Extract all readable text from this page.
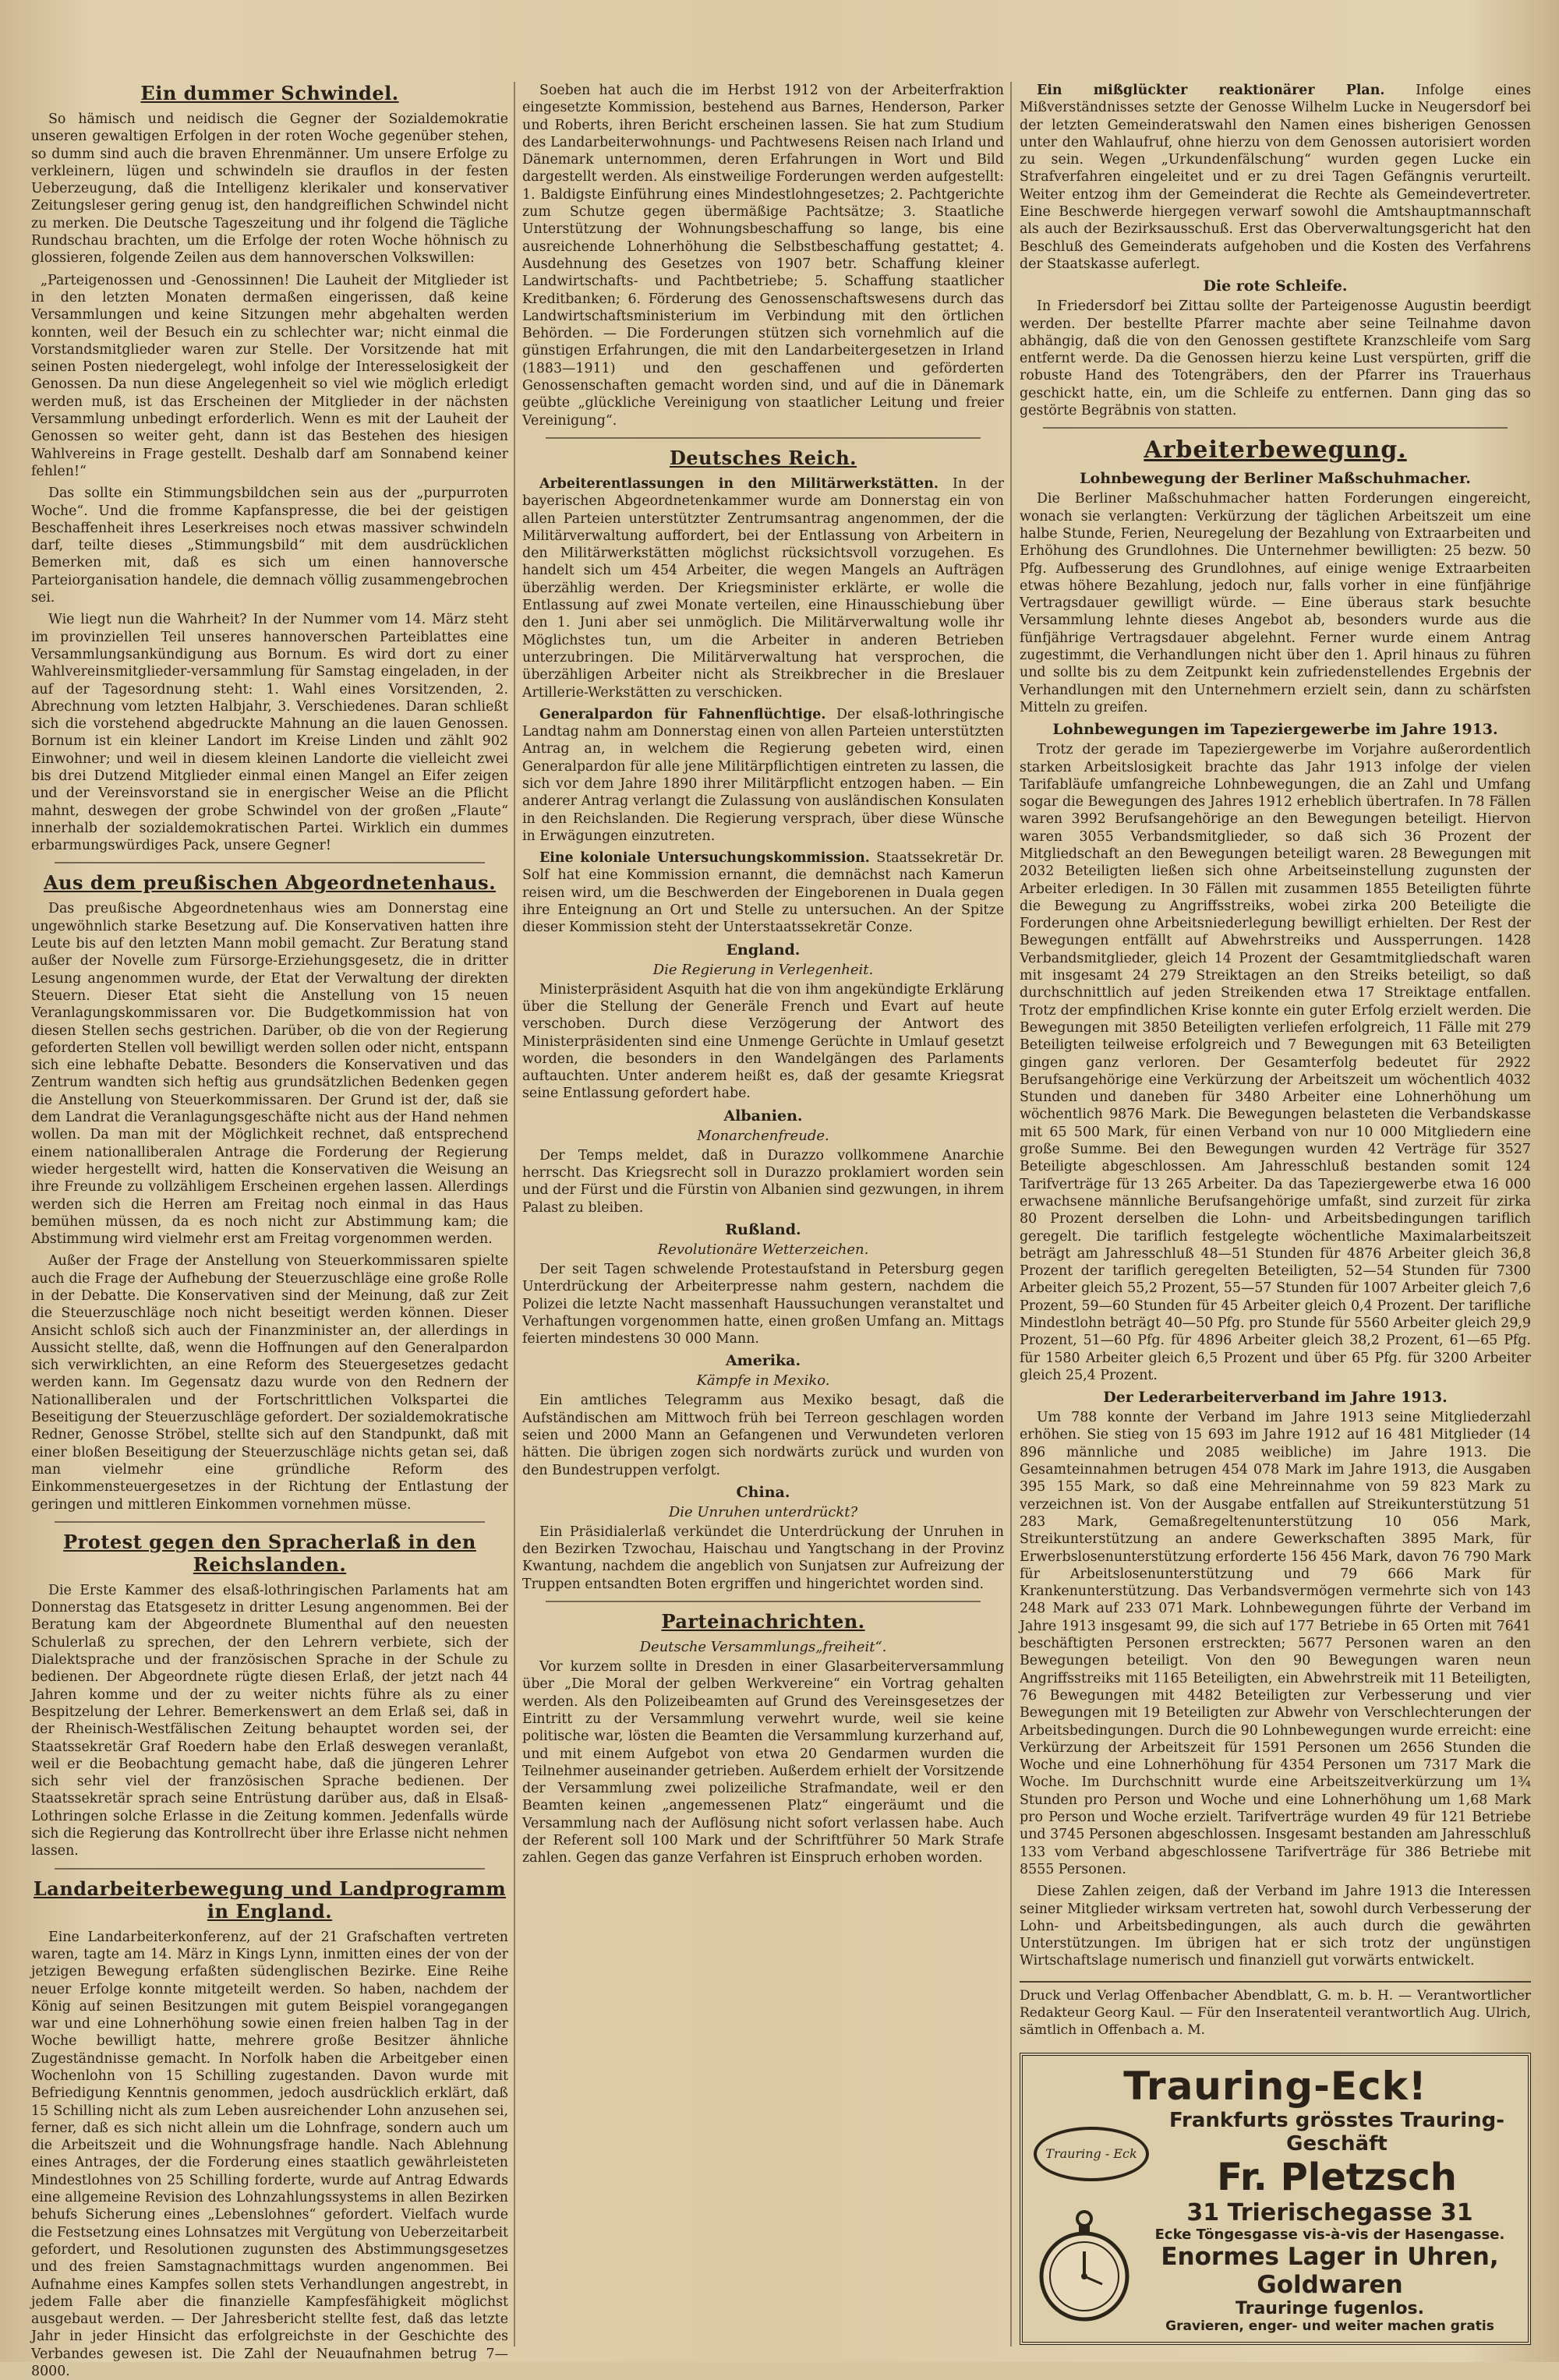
Ein dummer Schwindel.

So hämisch und neidisch die Gegner der Sozialdemokratie unseren gewaltigen Erfolgen in der roten Woche gegenüber stehen, so dumm sind auch die braven Ehrenmänner. Um unsere Erfolge zu verkleinern, lügen und schwindeln sie drauflos in der festen Ueberzeugung, daß die Intelligenz klerikaler und konservativer Zeitungsleser gering genug ist, den handgreiflichen Schwindel nicht zu merken. Die Deutsche Tageszeitung und ihr folgend die Tägliche Rundschau brachten, um die Erfolge der roten Woche höhnisch zu glossieren, folgende Zeilen aus dem hannoverschen Volkswillen:

„Parteigenossen und -Genossinnen! Die Lauheit der Mitglieder ist in den letzten Monaten dermaßen eingerissen, daß keine Versammlungen und keine Sitzungen mehr abgehalten werden konnten, weil der Besuch ein zu schlechter war; nicht einmal die Vorstandsmitglieder waren zur Stelle. Der Vorsitzende hat mit seinen Posten niedergelegt, wohl infolge der Interesselosigkeit der Genossen. Da nun diese Angelegenheit so viel wie möglich erledigt werden muß, ist das Erscheinen der Mitglieder in der nächsten Versammlung unbedingt erforderlich. Wenn es mit der Lauheit der Genossen so weiter geht, dann ist das Bestehen des hiesigen Wahlvereins in Frage gestellt. Deshalb darf am Sonnabend keiner fehlen!“

Das sollte ein Stimmungsbildchen sein aus der „purpurroten Woche“. Und die fromme Kapfanspresse, die bei der geistigen Beschaffenheit ihres Leserkreises noch etwas massiver schwindeln darf, teilte dieses „Stimmungsbild“ mit dem ausdrücklichen Bemerken mit, daß es sich um einen hannoversche Parteiorganisation handele, die demnach völlig zusammengebrochen sei.

Wie liegt nun die Wahrheit? In der Nummer vom 14. März steht im provinziellen Teil unseres hannoverschen Parteiblattes eine Versammlungsankündigung aus Bornum. Es wird dort zu einer Wahlvereinsmitglieder-versammlung für Samstag eingeladen, in der auf der Tagesordnung steht: 1. Wahl eines Vorsitzenden, 2. Abrechnung vom letzten Halbjahr, 3. Verschiedenes. Daran schließt sich die vorstehend abgedruckte Mahnung an die lauen Genossen. Bornum ist ein kleiner Landort im Kreise Linden und zählt 902 Einwohner; und weil in diesem kleinen Landorte die vielleicht zwei bis drei Dutzend Mitglieder einmal einen Mangel an Eifer zeigen und der Vereinsvorstand sie in energischer Weise an die Pflicht mahnt, deswegen der grobe Schwindel von der großen „Flaute“ innerhalb der sozialdemokratischen Partei. Wirklich ein dummes erbarmungswürdiges Pack, unsere Gegner!

Aus dem preußischen Abgeordnetenhaus.

Das preußische Abgeordnetenhaus wies am Donnerstag eine ungewöhnlich starke Besetzung auf. Die Konservativen hatten ihre Leute bis auf den letzten Mann mobil gemacht. Zur Beratung stand außer der Novelle zum Fürsorge-Erziehungsgesetz, die in dritter Lesung angenommen wurde, der Etat der Verwaltung der direkten Steuern. Dieser Etat sieht die Anstellung von 15 neuen Veranlagungskommissaren vor. Die Budgetkommission hat von diesen Stellen sechs gestrichen. Darüber, ob die von der Regierung geforderten Stellen voll bewilligt werden sollen oder nicht, entspann sich eine lebhafte Debatte. Besonders die Konservativen und das Zentrum wandten sich heftig aus grundsätzlichen Bedenken gegen die Anstellung von Steuerkommissaren. Der Grund ist der, daß sie dem Landrat die Veranlagungsgeschäfte nicht aus der Hand nehmen wollen. Da man mit der Möglichkeit rechnet, daß entsprechend einem nationalliberalen Antrage die Forderung der Regierung wieder hergestellt wird, hatten die Konservativen die Weisung an ihre Freunde zu vollzähligem Erscheinen ergehen lassen. Allerdings werden sich die Herren am Freitag noch einmal in das Haus bemühen müssen, da es noch nicht zur Abstimmung kam; die Abstimmung wird vielmehr erst am Freitag vorgenommen werden.

Außer der Frage der Anstellung von Steuerkommissaren spielte auch die Frage der Aufhebung der Steuerzuschläge eine große Rolle in der Debatte. Die Konservativen sind der Meinung, daß zur Zeit die Steuerzuschläge noch nicht beseitigt werden können. Dieser Ansicht schloß sich auch der Finanzminister an, der allerdings in Aussicht stellte, daß, wenn die Hoffnungen auf den Generalpardon sich verwirklichten, an eine Reform des Steuergesetzes gedacht werden kann. Im Gegensatz dazu wurde von den Rednern der Nationalliberalen und der Fortschrittlichen Volkspartei die Beseitigung der Steuerzuschläge gefordert. Der sozialdemokratische Redner, Genosse Ströbel, stellte sich auf den Standpunkt, daß mit einer bloßen Beseitigung der Steuerzuschläge nichts getan sei, daß man vielmehr eine gründliche Reform des Einkommensteuergesetzes in der Richtung der Entlastung der geringen und mittleren Einkommen vornehmen müsse.

Protest gegen den Spracherlaß in den Reichslanden.

Die Erste Kammer des elsaß-lothringischen Parlaments hat am Donnerstag das Etatsgesetz in dritter Lesung angenommen. Bei der Beratung kam der Abgeordnete Blumenthal auf den neuesten Schulerlaß zu sprechen, der den Lehrern verbiete, sich der Dialektsprache und der französischen Sprache in der Schule zu bedienen. Der Abgeordnete rügte diesen Erlaß, der jetzt nach 44 Jahren komme und der zu weiter nichts führe als zu einer Bespitzelung der Lehrer. Bemerkenswert an dem Erlaß sei, daß in der Rheinisch-Westfälischen Zeitung behauptet worden sei, der Staatssekretär Graf Roedern habe den Erlaß deswegen veranlaßt, weil er die Beobachtung gemacht habe, daß die jüngeren Lehrer sich sehr viel der französischen Sprache bedienen. Der Staatssekretär sprach seine Entrüstung darüber aus, daß in Elsaß-Lothringen solche Erlasse in die Zeitung kommen. Jedenfalls würde sich die Regierung das Kontrollrecht über ihre Erlasse nicht nehmen lassen.

Landarbeiterbewegung und Landprogramm in England.

Eine Landarbeiterkonferenz, auf der 21 Grafschaften vertreten waren, tagte am 14. März in Kings Lynn, inmitten eines der von der jetzigen Bewegung erfaßten südenglischen Bezirke. Eine Reihe neuer Erfolge konnte mitgeteilt werden. So haben, nachdem der König auf seinen Besitzungen mit gutem Beispiel vorangegangen war und eine Lohnerhöhung sowie einen freien halben Tag in der Woche bewilligt hatte, mehrere große Besitzer ähnliche Zugeständnisse gemacht. In Norfolk haben die Arbeitgeber einen Wochenlohn von 15 Schilling zugestanden. Davon wurde mit Befriedigung Kenntnis genommen, jedoch ausdrücklich erklärt, daß 15 Schilling nicht als zum Leben ausreichender Lohn anzusehen sei, ferner, daß es sich nicht allein um die Lohnfrage, sondern auch um die Arbeitszeit und die Wohnungsfrage handle. Nach Ablehnung eines Antrages, der die Forderung eines staatlich gewährleisteten Mindestlohnes von 25 Schilling forderte, wurde auf Antrag Edwards eine allgemeine Revision des Lohnzahlungssystems in allen Bezirken behufs Sicherung eines „Lebenslohnes“ gefordert. Vielfach wurde die Festsetzung eines Lohnsatzes mit Vergütung von Ueberzeitarbeit gefordert, und Resolutionen zugunsten des Abstimmungsgesetzes und des freien Samstagnachmittags wurden angenommen. Bei Aufnahme eines Kampfes sollen stets Verhandlungen angestrebt, in jedem Falle aber die finanzielle Kampfesfähigkeit möglichst ausgebaut werden. — Der Jahresbericht stellte fest, daß das letzte Jahr in jeder Hinsicht das erfolgreichste in der Geschichte des Verbandes gewesen ist. Die Zahl der Neuaufnahmen betrug 7—8000.

Soeben hat auch die im Herbst 1912 von der Arbeiterfraktion eingesetzte Kommission, bestehend aus Barnes, Henderson, Parker und Roberts, ihren Bericht erscheinen lassen. Sie hat zum Studium des Landarbeiterwohnungs- und Pachtwesens Reisen nach Irland und Dänemark unternommen, deren Erfahrungen in Wort und Bild dargestellt werden. Als einstweilige Forderungen werden aufgestellt: 1. Baldigste Einführung eines Mindestlohngesetzes; 2. Pachtgerichte zum Schutze gegen übermäßige Pachtsätze; 3. Staatliche Unterstützung der Wohnungsbeschaffung so lange, bis eine ausreichende Lohnerhöhung die Selbstbeschaffung gestattet; 4. Ausdehnung des Gesetzes von 1907 betr. Schaffung kleiner Landwirtschafts- und Pachtbetriebe; 5. Schaffung staatlicher Kreditbanken; 6. Förderung des Genossenschaftswesens durch das Landwirtschaftsministerium im Verbindung mit den örtlichen Behörden. — Die Forderungen stützen sich vornehmlich auf die günstigen Erfahrungen, die mit den Landarbeitergesetzen in Irland (1883—1911) und den geschaffenen und geförderten Genossenschaften gemacht worden sind, und auf die in Dänemark geübte „glückliche Vereinigung von staatlicher Leitung und freier Vereinigung“.

Deutsches Reich.

Arbeiterentlassungen in den Militärwerkstätten. In der bayerischen Abgeordnetenkammer wurde am Donnerstag ein von allen Parteien unterstützter Zentrumsantrag angenommen, der die Militärverwaltung auffordert, bei der Entlassung von Arbeitern in den Militärwerkstätten möglichst rücksichtsvoll vorzugehen. Es handelt sich um 454 Arbeiter, die wegen Mangels an Aufträgen überzählig werden. Der Kriegsminister erklärte, er wolle die Entlassung auf zwei Monate verteilen, eine Hinausschiebung über den 1. Juni aber sei unmöglich. Die Militärverwaltung wolle ihr Möglichstes tun, um die Arbeiter in anderen Betrieben unterzubringen. Die Militärverwaltung hat versprochen, die überzähligen Arbeiter nicht als Streikbrecher in die Breslauer Artillerie-Werkstätten zu verschicken.

Generalpardon für Fahnenflüchtige. Der elsaß-lothringische Landtag nahm am Donnerstag einen von allen Parteien unterstützten Antrag an, in welchem die Regierung gebeten wird, einen Generalpardon für alle jene Militärpflichtigen eintreten zu lassen, die sich vor dem Jahre 1890 ihrer Militärpflicht entzogen haben. — Ein anderer Antrag verlangt die Zulassung von ausländischen Konsulaten in den Reichslanden. Die Regierung versprach, über diese Wünsche in Erwägungen einzutreten.

Eine koloniale Untersuchungskommission. Staatssekretär Dr. Solf hat eine Kommission ernannt, die demnächst nach Kamerun reisen wird, um die Beschwerden der Eingeborenen in Duala gegen ihre Enteignung an Ort und Stelle zu untersuchen. An der Spitze dieser Kommission steht der Unterstaatssekretär Conze.

England.
Die Regierung in Verlegenheit.

Ministerpräsident Asquith hat die von ihm angekündigte Erklärung über die Stellung der Generäle French und Evart auf heute verschoben. Durch diese Verzögerung der Antwort des Ministerpräsidenten sind eine Unmenge Gerüchte in Umlauf gesetzt worden, die besonders in den Wandelgängen des Parlaments auftauchten. Unter anderem heißt es, daß der gesamte Kriegsrat seine Entlassung gefordert habe.

Albanien.
Monarchenfreude.

Der Temps meldet, daß in Durazzo vollkommene Anarchie herrscht. Das Kriegsrecht soll in Durazzo proklamiert worden sein und der Fürst und die Fürstin von Albanien sind gezwungen, in ihrem Palast zu bleiben.

Rußland.
Revolutionäre Wetterzeichen.

Der seit Tagen schwelende Protestaufstand in Petersburg gegen Unterdrückung der Arbeiterpresse nahm gestern, nachdem die Polizei die letzte Nacht massenhaft Haussuchungen veranstaltet und Verhaftungen vorgenommen hatte, einen großen Umfang an. Mittags feierten mindestens 30 000 Mann.

Amerika.
Kämpfe in Mexiko.

Ein amtliches Telegramm aus Mexiko besagt, daß die Aufständischen am Mittwoch früh bei Terreon geschlagen worden seien und 2000 Mann an Gefangenen und Verwundeten verloren hätten. Die übrigen zogen sich nordwärts zurück und wurden von den Bundestruppen verfolgt.

China.
Die Unruhen unterdrückt?

Ein Präsidialerlaß verkündet die Unterdrückung der Unruhen in den Bezirken Tzwochau, Haischau und Yangtschang in der Provinz Kwantung, nachdem die angeblich von Sunjatsen zur Aufreizung der Truppen entsandten Boten ergriffen und hingerichtet worden sind.

Parteinachrichten.
Deutsche Versammlungs„freiheit“.

Vor kurzem sollte in Dresden in einer Glasarbeiterversammlung über „Die Moral der gelben Werkvereine“ ein Vortrag gehalten werden. Als den Polizeibeamten auf Grund des Vereinsgesetzes der Eintritt zu der Versammlung verwehrt wurde, weil sie keine politische war, lösten die Beamten die Versammlung kurzerhand auf, und mit einem Aufgebot von etwa 20 Gendarmen wurden die Teilnehmer auseinander getrieben. Außerdem erhielt der Vorsitzende der Versammlung zwei polizeiliche Strafmandate, weil er den Beamten keinen „angemessenen Platz“ eingeräumt und die Versammlung nach der Auflösung nicht sofort verlassen habe. Auch der Referent soll 100 Mark und der Schriftführer 50 Mark Strafe zahlen. Gegen das ganze Verfahren ist Einspruch erhoben worden.

Ein mißglückter reaktionärer Plan. Infolge eines Mißverständnisses setzte der Genosse Wilhelm Lucke in Neugersdorf bei der letzten Gemeinderatswahl den Namen eines bisherigen Genossen unter den Wahlaufruf, ohne hierzu von dem Genossen autorisiert worden zu sein. Wegen „Urkundenfälschung“ wurden gegen Lucke ein Strafverfahren eingeleitet und er zu drei Tagen Gefängnis verurteilt. Weiter entzog ihm der Gemeinderat die Rechte als Gemeindevertreter. Eine Beschwerde hiergegen verwarf sowohl die Amtshauptmannschaft als auch der Bezirksausschuß. Erst das Oberverwaltungsgericht hat den Beschluß des Gemeinderats aufgehoben und die Kosten des Verfahrens der Staatskasse auferlegt.

Die rote Schleife.

In Friedersdorf bei Zittau sollte der Parteigenosse Augustin beerdigt werden. Der bestellte Pfarrer machte aber seine Teilnahme davon abhängig, daß die von den Genossen gestiftete Kranzschleife vom Sarg entfernt werde. Da die Genossen hierzu keine Lust verspürten, griff die robuste Hand des Totengräbers, den der Pfarrer ins Trauerhaus geschickt hatte, ein, um die Schleife zu entfernen. Dann ging das so gestörte Begräbnis von statten.

Arbeiterbewegung.
Lohnbewegung der Berliner Maßschuhmacher.

Die Berliner Maßschuhmacher hatten Forderungen eingereicht, wonach sie verlangten: Verkürzung der täglichen Arbeitszeit um eine halbe Stunde, Ferien, Neuregelung der Bezahlung von Extraarbeiten und Erhöhung des Grundlohnes. Die Unternehmer bewilligten: 25 bezw. 50 Pfg. Aufbesserung des Grundlohnes, auf einige wenige Extraarbeiten etwas höhere Bezahlung, jedoch nur, falls vorher in eine fünfjährige Vertragsdauer gewilligt würde. — Eine überaus stark besuchte Versammlung lehnte dieses Angebot ab, besonders wurde aus die fünfjährige Vertragsdauer abgelehnt. Ferner wurde einem Antrag zugestimmt, die Verhandlungen nicht über den 1. April hinaus zu führen und sollte bis zu dem Zeitpunkt kein zufriedenstellendes Ergebnis der Verhandlungen mit den Unternehmern erzielt sein, dann zu schärfsten Mitteln zu greifen.

Lohnbewegungen im Tapeziergewerbe im Jahre 1913.

Trotz der gerade im Tapeziergewerbe im Vorjahre außerordentlich starken Arbeitslosigkeit brachte das Jahr 1913 infolge der vielen Tarifabläufe umfangreiche Lohnbewegungen, die an Zahl und Umfang sogar die Bewegungen des Jahres 1912 erheblich übertrafen. In 78 Fällen waren 3992 Berufsangehörige an den Bewegungen beteiligt. Hiervon waren 3055 Verbandsmitglieder, so daß sich 36 Prozent der Mitgliedschaft an den Bewegungen beteiligt waren. 28 Bewegungen mit 2032 Beteiligten ließen sich ohne Arbeitseinstellung zugunsten der Arbeiter erledigen. In 30 Fällen mit zusammen 1855 Beteiligten führte die Bewegung zu Angriffsstreiks, wobei zirka 200 Beteiligte die Forderungen ohne Arbeitsniederlegung bewilligt erhielten. Der Rest der Bewegungen entfällt auf Abwehrstreiks und Aussperrungen. 1428 Verbandsmitglieder, gleich 14 Prozent der Gesamtmitgliedschaft waren mit insgesamt 24 279 Streiktagen an den Streiks beteiligt, so daß durchschnittlich auf jeden Streikenden etwa 17 Streiktage entfallen. Trotz der empfindlichen Krise konnte ein guter Erfolg erzielt werden. Die Bewegungen mit 3850 Beteiligten verliefen erfolgreich, 11 Fälle mit 279 Beteiligten teilweise erfolgreich und 7 Bewegungen mit 63 Beteiligten gingen ganz verloren. Der Gesamterfolg bedeutet für 2922 Berufsangehörige eine Verkürzung der Arbeitszeit um wöchentlich 4032 Stunden und daneben für 3480 Arbeiter eine Lohnerhöhung um wöchentlich 9876 Mark. Die Bewegungen belasteten die Verbandskasse mit 65 500 Mark, für einen Verband von nur 10 000 Mitgliedern eine große Summe. Bei den Bewegungen wurden 42 Verträge für 3527 Beteiligte abgeschlossen. Am Jahresschluß bestanden somit 124 Tarifverträge für 13 265 Arbeiter. Da das Tapeziergewerbe etwa 16 000 erwachsene männliche Berufsangehörige umfaßt, sind zurzeit für zirka 80 Prozent derselben die Lohn- und Arbeitsbedingungen tariflich geregelt. Die tariflich festgelegte wöchentliche Maximalarbeitszeit beträgt am Jahresschluß 48—51 Stunden für 4876 Arbeiter gleich 36,8 Prozent der tariflich geregelten Beteiligten, 52—54 Stunden für 7300 Arbeiter gleich 55,2 Prozent, 55—57 Stunden für 1007 Arbeiter gleich 7,6 Prozent, 59—60 Stunden für 45 Arbeiter gleich 0,4 Prozent. Der tarifliche Mindestlohn beträgt 40—50 Pfg. pro Stunde für 5560 Arbeiter gleich 29,9 Prozent, 51—60 Pfg. für 4896 Arbeiter gleich 38,2 Prozent, 61—65 Pfg. für 1580 Arbeiter gleich 6,5 Prozent und über 65 Pfg. für 3200 Arbeiter gleich 25,4 Prozent.

Der Lederarbeiterverband im Jahre 1913.

Um 788 konnte der Verband im Jahre 1913 seine Mitgliederzahl erhöhen. Sie stieg von 15 693 im Jahre 1912 auf 16 481 Mitglieder (14 896 männliche und 2085 weibliche) im Jahre 1913. Die Gesamteinnahmen betrugen 454 078 Mark im Jahre 1913, die Ausgaben 395 155 Mark, so daß eine Mehreinnahme von 59 823 Mark zu verzeichnen ist. Von der Ausgabe entfallen auf Streikunterstützung 51 283 Mark, Gemaßregeltenunterstützung 10 056 Mark, Streikunterstützung an andere Gewerkschaften 3895 Mark, für Erwerbslosenunterstützung erforderte 156 456 Mark, davon 76 790 Mark für Arbeitslosenunterstützung und 79 666 Mark für Krankenunterstützung. Das Verbandsvermögen vermehrte sich von 143 248 Mark auf 233 071 Mark. Lohnbewegungen führte der Verband im Jahre 1913 insgesamt 99, die sich auf 177 Betriebe in 65 Orten mit 7641 beschäftigten Personen erstreckten; 5677 Personen waren an den Bewegungen beteiligt. Von den 90 Bewegungen waren neun Angriffsstreiks mit 1165 Beteiligten, ein Abwehrstreik mit 11 Beteiligten, 76 Bewegungen mit 4482 Beteiligten zur Verbesserung und vier Bewegungen mit 19 Beteiligten zur Abwehr von Verschlechterungen der Arbeitsbedingungen. Durch die 90 Lohnbewegungen wurde erreicht: eine Verkürzung der Arbeitszeit für 1591 Personen um 2656 Stunden die Woche und eine Lohnerhöhung für 4354 Personen um 7317 Mark die Woche. Im Durchschnitt wurde eine Arbeitszeitverkürzung um 1¾ Stunden pro Person und Woche und eine Lohnerhöhung um 1,68 Mark pro Person und Woche erzielt. Tarifverträge wurden 49 für 121 Betriebe und 3745 Personen abgeschlossen. Insgesamt bestanden am Jahresschluß 133 vom Verband abgeschlossene Tarifverträge für 386 Betriebe mit 8555 Personen.

Diese Zahlen zeigen, daß der Verband im Jahre 1913 die Interessen seiner Mitglieder wirksam vertreten hat, sowohl durch Verbesserung der Lohn- und Arbeitsbedingungen, als auch durch die gewährten Unterstützungen. Im übrigen hat er sich trotz der ungünstigen Wirtschaftslage numerisch und finanziell gut vorwärts entwickelt.

Druck und Verlag Offenbacher Abendblatt, G. m. b. H. — Verantwortlicher Redakteur Georg Kaul. — Für den Inseratenteil verantwortlich Aug. Ulrich, sämtlich in Offenbach a. M.
Trauring-Eck!
Trauring - Eck
Frankfurts grösstes Trauring-Geschäft
Fr. Pletzsch
31 Trierischegasse 31
Ecke Töngesgasse vis-à-vis der Hasengasse.
Enormes Lager in Uhren, Goldwaren
Trauringe fugenlos.
Gravieren, enger- und weiter machen gratis
